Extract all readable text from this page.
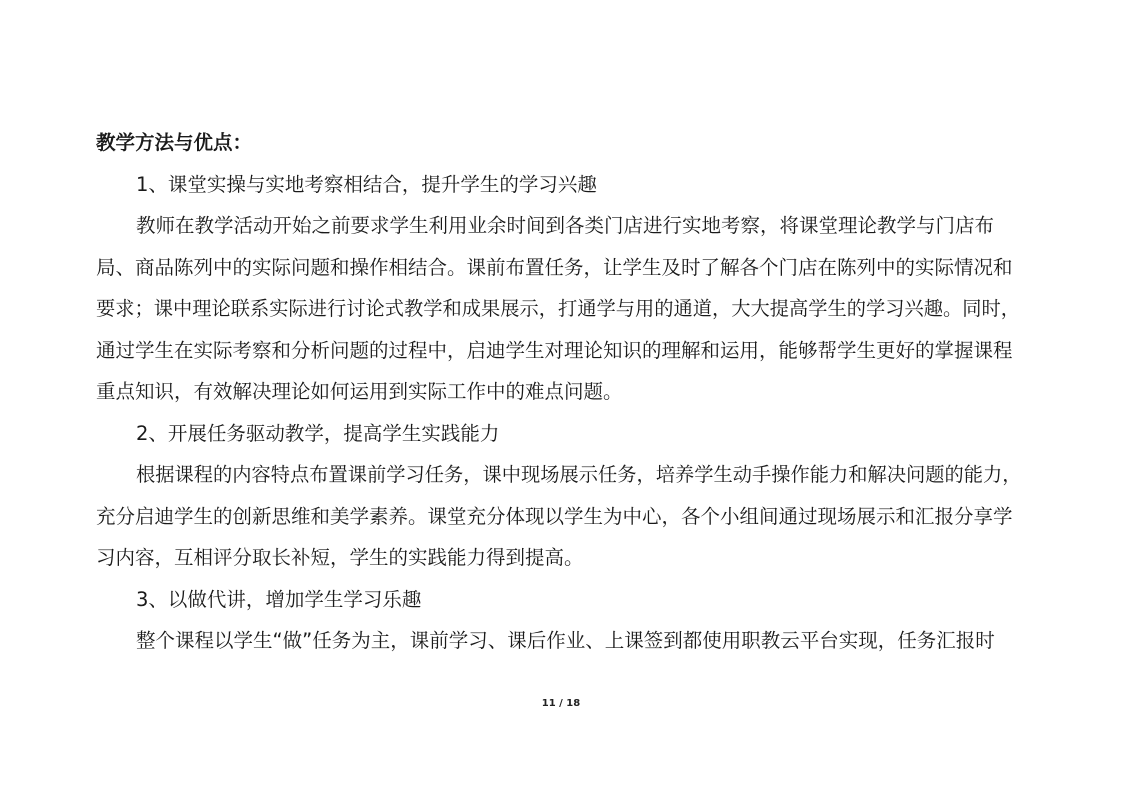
教学方法与优点：
1、课堂实操与实地考察相结合，提升学生的学习兴趣
教师在教学活动开始之前要求学生利用业余时间到各类门店进行实地考察，将课堂理论教学与门店布
局、商品陈列中的实际问题和操作相结合。课前布置任务，让学生及时了解各个门店在陈列中的实际情况和
要求；课中理论联系实际进行讨论式教学和成果展示，打通学与用的通道，大大提高学生的学习兴趣。同时，
通过学生在实际考察和分析问题的过程中，启迪学生对理论知识的理解和运用，能够帮学生更好的掌握课程
重点知识，有效解决理论如何运用到实际工作中的难点问题。
2、开展任务驱动教学，提高学生实践能力
根据课程的内容特点布置课前学习任务，课中现场展示任务，培养学生动手操作能力和解决问题的能力，
充分启迪学生的创新思维和美学素养。课堂充分体现以学生为中心，各个小组间通过现场展示和汇报分享学
习内容，互相评分取长补短，学生的实践能力得到提高。
3、以做代讲，增加学生学习乐趣
整个课程以学生“做”任务为主，课前学习、课后作业、上课签到都使用职教云平台实现，任务汇报时
11 / 18
